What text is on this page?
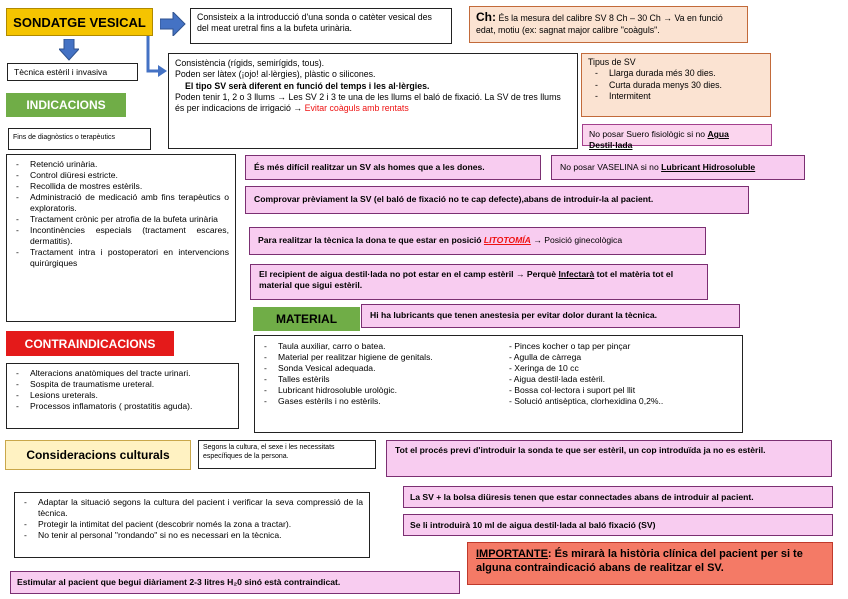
SONDATGE VESICAL	Consisteix a la introducció d'una sonda o catèter vesical des del meat uretral fins a la bufeta urinària.
Ch: És la mesura del calibre SV 8 Ch – 30 Ch → Va en funció edat, motiu (ex: sagnat major calibre "coàguls".
Tècnica estèril i invasiva
Consistència (rígids, semirígids, tous).
Poden ser làtex (¡ojo! al·lèrgies), plàstic o silicones.
El tipo SV serà diferent en funció del temps i les al·lèrgies.
Poden tenir 1, 2 o 3 llums → Les SV 2 i 3 te una de les llums el baló de fixació. La SV de tres llums és per indicacions de irrigació → Evitar coàguls amb rentats
Tipus de SV
- Llarga durada més 30 dies.
- Curta durada menys 30 dies.
- Intermitent
No posar Suero fisiològic si no Agua Destil·lada
INDICACIONS
Fins de diagnòstics o terapèutics
- Retenció urinària.
- Control diüresi estricte.
- Recollida de mostres estèrils.
- Administració de medicació amb fins terapèutics o exploratoris.
- Tractament crònic per atrofia de la bufeta urinària
- Incontinències especials (tractament escares, dermatitis).
- Tractament intra i postoperatori en intervencions quirúrgiques
És més difícil realitzar un SV als homes que a les dones.	No posar VASELINA si no Lubricant Hidrosoluble
Comprovar prèviament la SV (el baló de fixació no te cap defecte),abans de introduir-la al pacient.
Para realitzar la tècnica la dona te que estar en posició LITOTOMÍA → Posició ginecològica
El recipient de aigua destil·lada no pot estar en el camp estèril → Perquè Infectarà tot el matèria tot el material que sigui estèril.
MATERIAL	Hi ha lubricants que tenen anestesia per evitar dolor durant la tècnica.
- Taula auxiliar, carro o batea.
- Material per realitzar higiene de genitals.
- Sonda Vesical adequada.
- Talles estèrils
- Lubricant hidrosoluble urològic.
- Gases estèrils i no estèrils.
- Pinces kocher o tap per pinçar
- Agulla de càrrega
- Xeringa de 10 cc
- Aigua destil·lada estèril.
- Bossa col·lectora i suport pel llit
- Solució antisèptica, clorhexidina 0,2%..
CONTRAINDICACIONS
- Alteracions anatòmiques del tracte urinari.
- Sospita de traumatisme ureteral.
- Lesions ureterals.
- Processos inflamatoris ( prostatitis aguda).
Consideracions culturals
Segons la cultura, el sexe i les necessitats específiques de la persona.
Tot el procés previ d'introduir la sonda te que ser estèril, un cop introduïda ja no es estèril.
- Adaptar la situació segons la cultura del pacient i verificar la seva compressió de la tècnica.
- Protegir la intimitat del pacient (descobrir només la zona a tractar).
- No tenir al personal "rondando" si no es necessari en la tècnica.
La SV + la bolsa diüresis tenen que estar connectades abans de introduir al pacient.
Se li introduirà 10 ml de aigua destil·lada al baló fixació (SV)
IMPORTANTE: És mirarà la història clínica del pacient per si te alguna contraindicació abans de realitzar el SV.
Estimular al pacient que begui diàriament 2-3 litres H₂0 sinó està contraindicat.
